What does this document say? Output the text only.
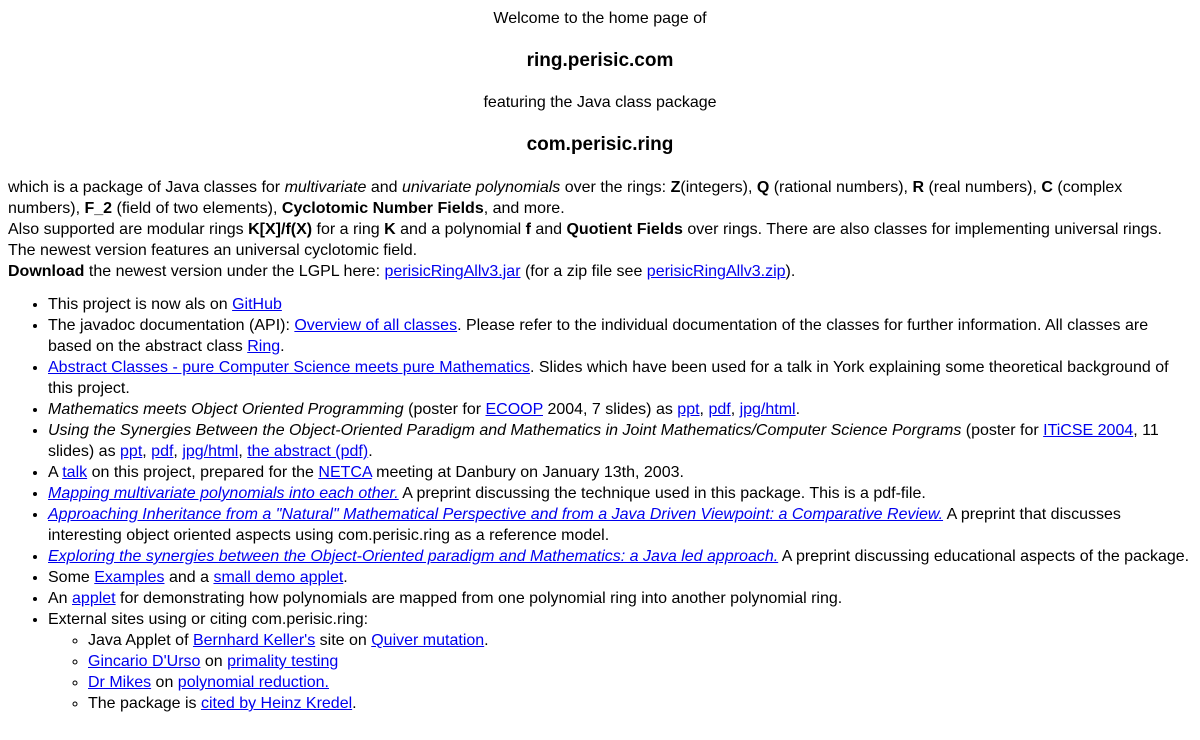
Welcome to the home page of

ring.perisic.com

featuring the Java class package

com.perisic.ring

which is a package of Java classes for multivariate and univariate polynomials over the rings: Z(integers), Q (rational numbers), R (real numbers), C (complex numbers), F_2 (field of two elements), Cyclotomic Number Fields, and more.
Also supported are modular rings K[X]/f(X) for a ring K and a polynomial f and Quotient Fields over rings. There are also classes for implementing universal rings. The newest version features an universal cyclotomic field.
Download the newest version under the LGPL here: perisicRingAllv3.jar (for a zip file see perisicRingAllv3.zip).

• This project is now als on GitHub
• The javadoc documentation (API): Overview of all classes. Please refer to the individual documentation of the classes for further information. All classes are based on the abstract class Ring.
• Abstract Classes - pure Computer Science meets pure Mathematics. Slides which have been used for a talk in York explaining some theoretical background of this project.
• Mathematics meets Object Oriented Programming (poster for ECOOP 2004, 7 slides) as ppt, pdf, jpg/html.
• Using the Synergies Between the Object-Oriented Paradigm and Mathematics in Joint Mathematics/Computer Science Porgrams (poster for ITiCSE 2004, 11 slides) as ppt, pdf, jpg/html, the abstract (pdf).
• A talk on this project, prepared for the NETCA meeting at Danbury on January 13th, 2003.
• Mapping multivariate polynomials into each other. A preprint discussing the technique used in this package. This is a pdf-file.
• Approaching Inheritance from a "Natural" Mathematical Perspective and from a Java Driven Viewpoint: a Comparative Review. A preprint that discusses interesting object oriented aspects using com.perisic.ring as a reference model.
• Exploring the synergies between the Object-Oriented paradigm and Mathematics: a Java led approach. A preprint discussing educational aspects of the package.
• Some Examples and a small demo applet.
• An applet for demonstrating how polynomials are mapped from one polynomial ring into another polynomial ring.
• External sites using or citing com.perisic.ring:
◦ Java Applet of Bernhard Keller's site on Quiver mutation.
◦ Gincario D'Urso on primality testing
◦ Dr Mikes on polynomial reduction.
◦ The package is cited by Heinz Kredel.
